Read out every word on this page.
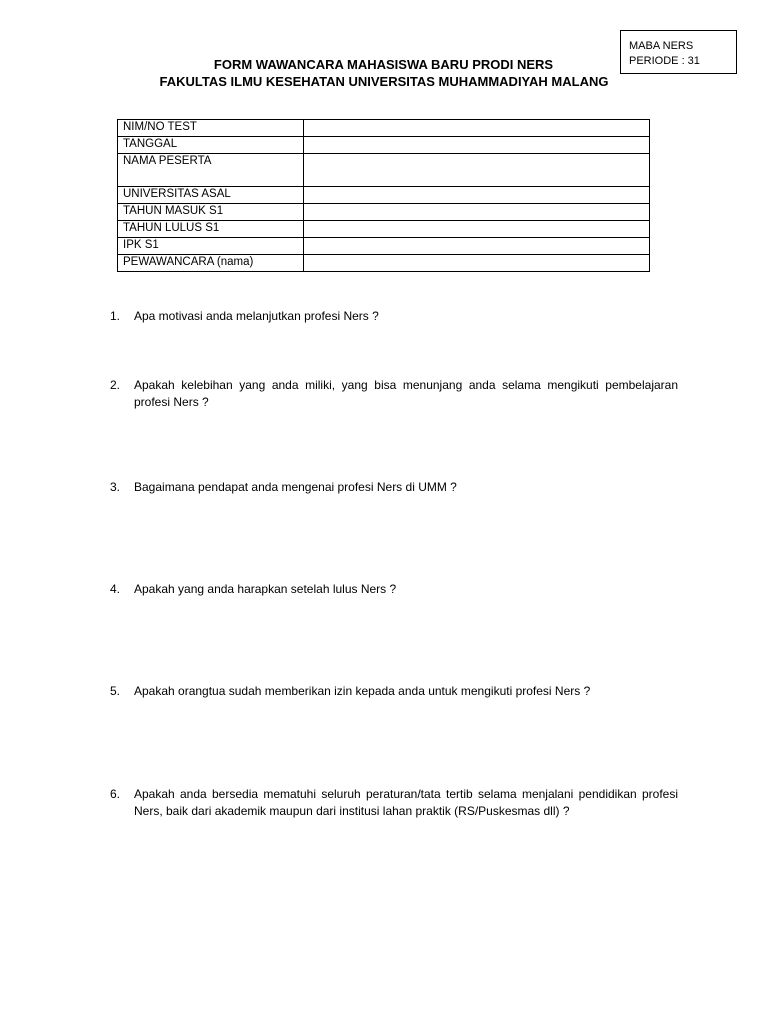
MABA NERS
PERIODE : 31
FORM WAWANCARA MAHASISWA BARU PRODI NERS
FAKULTAS ILMU KESEHATAN UNIVERSITAS MUHAMMADIYAH MALANG
NIM/NO TEST	
TANGGAL	
NAMA PESERTA	
UNIVERSITAS ASAL	
TAHUN MASUK S1	
TAHUN LULUS S1	
IPK S1	
PEWAWANCARA (nama)	
1.	Apa motivasi anda melanjutkan profesi Ners ?
2.	Apakah kelebihan yang anda miliki, yang bisa menunjang anda selama mengikuti pembelajaran profesi Ners ?
3.	Bagaimana pendapat anda mengenai profesi Ners di UMM ?
4.	Apakah yang anda harapkan setelah lulus Ners ?
5.	Apakah orangtua sudah memberikan izin kepada anda untuk mengikuti profesi Ners ?
6.	Apakah anda bersedia mematuhi seluruh peraturan/tata tertib selama menjalani pendidikan profesi Ners, baik dari akademik maupun dari institusi lahan praktik (RS/Puskesmas dll) ?
